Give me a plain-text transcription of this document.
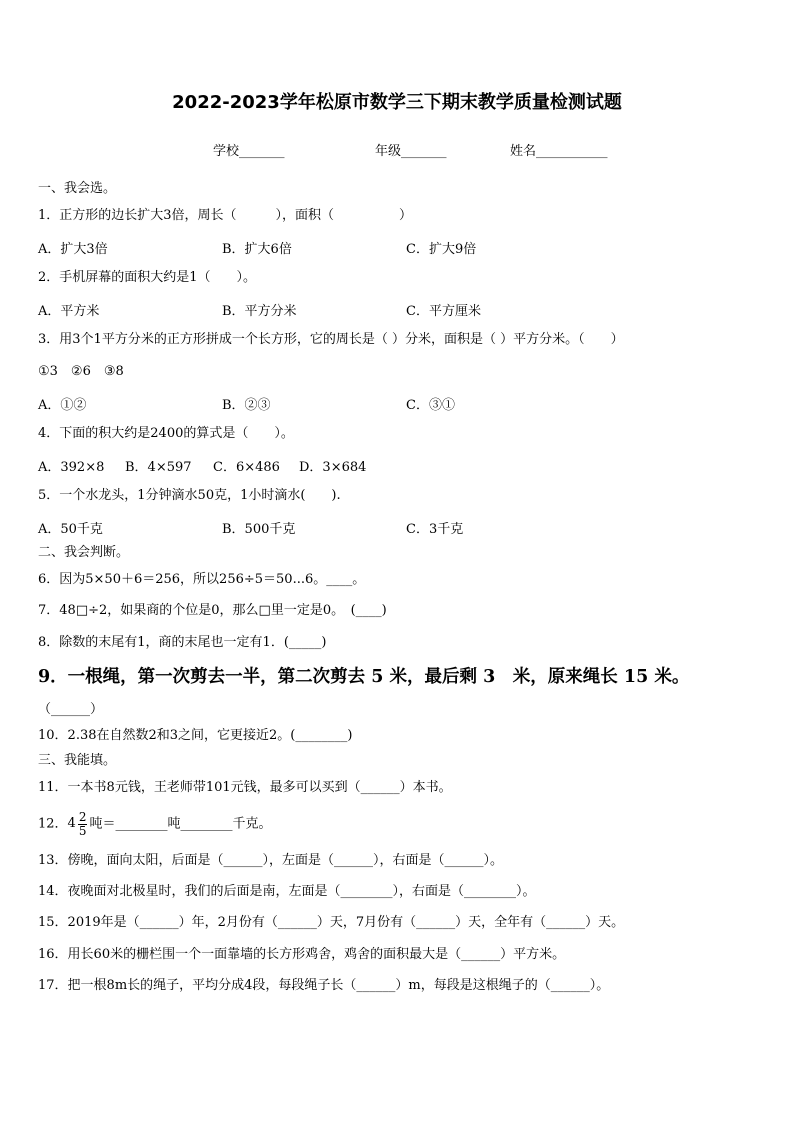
2022-2023学年松原市数学三下期末教学质量检测试题
学校_______	年级_______	姓名___________
一、我会选。
1．正方形的边长扩大3倍，周长（　　　），面积（　　　　　）
A．扩大3倍	B．扩大6倍	C．扩大9倍
2．手机屏幕的面积大约是1（　　）。
A．平方米	B．平方分米	C．平方厘米
3．用3个1平方分米的正方形拼成一个长方形，它的周长是（ ）分米，面积是（ ）平方分米。（　　）
①3　②6　③8
A．①②	B．②③	C．③①
4．下面的积大约是2400的算式是（　　）。
A．392×8 B．4×597 C．6×486 D．3×684
5．一个水龙头，1分钟滴水50克，1小时滴水(　　).
A．50千克	B．500千克	C．3千克
二、我会判断。
6．因为5×50＋6＝256，所以256÷5＝50...6。____。
7．48□÷2，如果商的个位是0，那么□里一定是0。　(____)
8．除数的末尾有1，商的末尾也一定有1．(_____)
9．一根绳，第一次剪去一半，第二次剪去 5 米，最后剩 3　米，原来绳长 15 米。
（______）
10．2.38在自然数2和3之间，它更接近2。(________)
三、我能填。
11．一本书8元钱，王老师带101元钱，最多可以买到（______）本书。
12．$4 \frac{2}{5}$ 吨＝________吨________千克。
13．傍晚，面向太阳，后面是（______），左面是（______），右面是（______）。
14．夜晚面对北极星时，我们的后面是南，左面是（________），右面是（________）。
15．2019年是（______）年，2月份有（______）天，7月份有（______）天，全年有（______）天。
16．用长60米的栅栏围一个一面靠墙的长方形鸡舍，鸡舍的面积最大是（______）平方米。
17．把一根8m长的绳子，平均分成4段，每段绳子长（______）m，每段是这根绳子的（______）。
